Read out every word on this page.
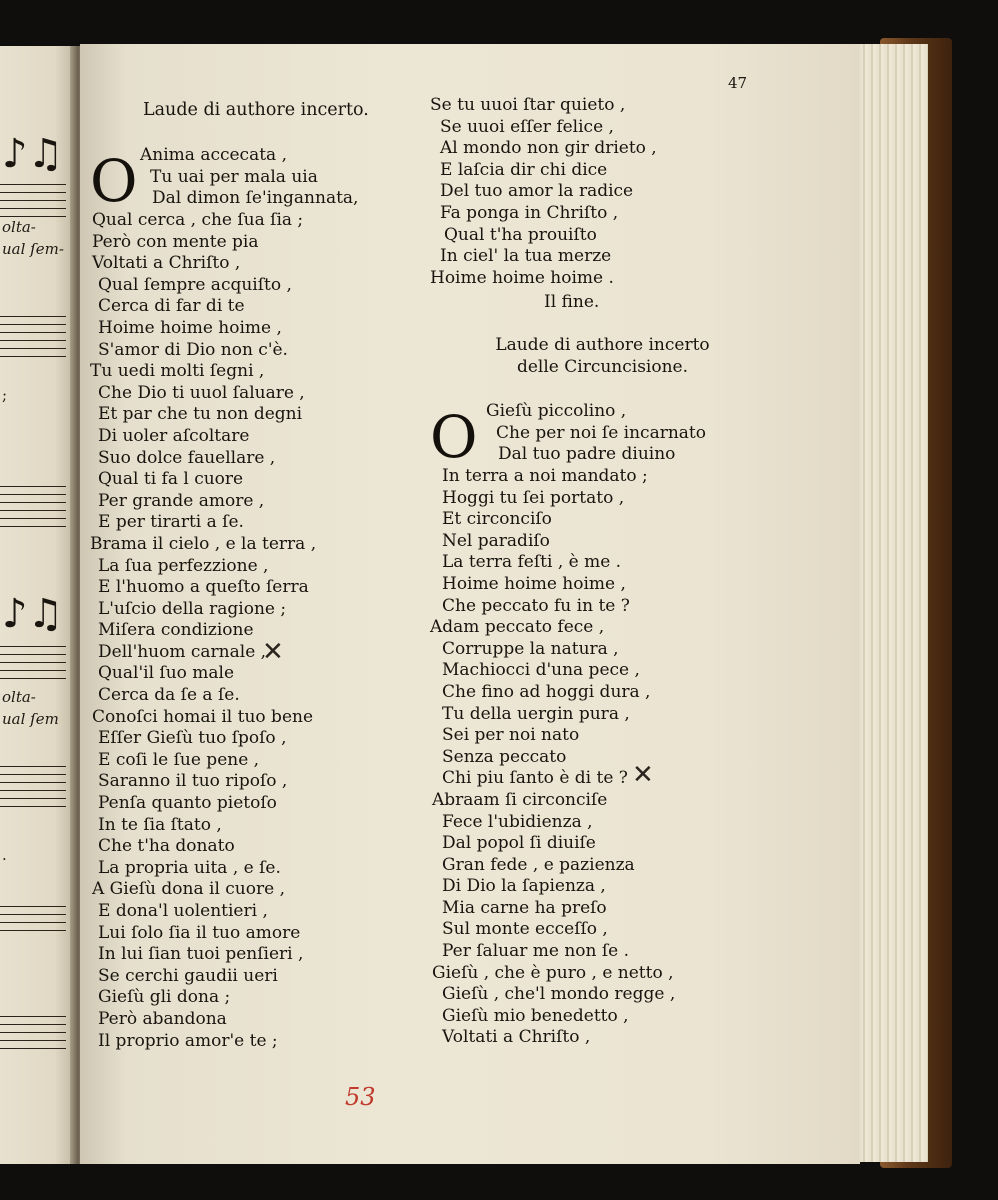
♪♫
olta-
ual ſem-
;
♪♫
olta-
ual ſem
.
47
Laude di authore incerto.
O Anima accecata ,
Tu uai per mala uia
Dal dimon ſe'ingannata,
Qual cerca , che ſua ſia ;
Però con mente pia
Voltati a Chriſto ,
Qual ſempre acquiſto ,
Cerca di far di te
Hoime hoime hoime ,
S'amor di Dio non c'è.
Tu uedi molti ſegni ,
Che Dio ti uuol ſaluare ,
Et par che tu non degni
Di uoler aſcoltare
Suo dolce fauellare ,
Qual ti fa l cuore
Per grande amore ,
E per tirarti a ſe.
Brama il cielo , e la terra ,
La ſua perfezzione ,
E l'huomo a queſto ſerra
L'uſcio della ragione ;
Miſera condizione
Dell'huom carnale ,
Qual'il ſuo male
Cerca da ſe a ſe.
Conoſci homai il tuo bene
Eſſer Gieſù tuo ſpoſo ,
E coſi le ſue pene ,
Saranno il tuo ripoſo ,
Penſa quanto pietoſo
In te ſia ſtato ,
Che t'ha donato
La propria uita , e ſe.
A Gieſù dona il cuore ,
E dona'l uolentieri ,
Lui ſolo ſia il tuo amore
In lui ſian tuoi penſieri ,
Se cerchi gaudii ueri
Gieſù gli dona ;
Però abandona
Il proprio amor'e te ;
Se tu uuoi ſtar quieto ,
Se uuoi eſſer felice ,
Al mondo non gir drieto ,
E laſcia dir chi dice
Del tuo amor la radice
Fa ponga in Chriſto ,
Qual t'ha prouiſto
In ciel' la tua merze
Hoime hoime hoime .
Il fine.
Laude di authore incerto
delle Circuncisione.
O Gieſù piccolino ,
Che per noi ſe incarnato
Dal tuo padre diuino
In terra a noi mandato ;
Hoggi tu ſei portato ,
Et circonciſo
Nel paradiſo
La terra feſti , è me .
Hoime hoime hoime ,
Che peccato fu in te ?
Adam peccato fece ,
Corruppe la natura ,
Machiocci d'una pece ,
Che fino ad hoggi dura ,
Tu della uergin pura ,
Sei per noi nato
Senza peccato
Chi piu ſanto è di te ?
Abraam ſi circonciſe
Fece l'ubidienza ,
Dal popol ſi diuiſe
Gran fede , e pazienza
Di Dio la ſapienza ,
Mia carne ha preſo
Sul monte ecceſſo ,
Per ſaluar me non ſe .
Gieſù , che è puro , e netto ,
Gieſù , che'l mondo regge ,
Gieſù mio benedetto ,
Voltati a Chriſto ,
✕
✕
53
